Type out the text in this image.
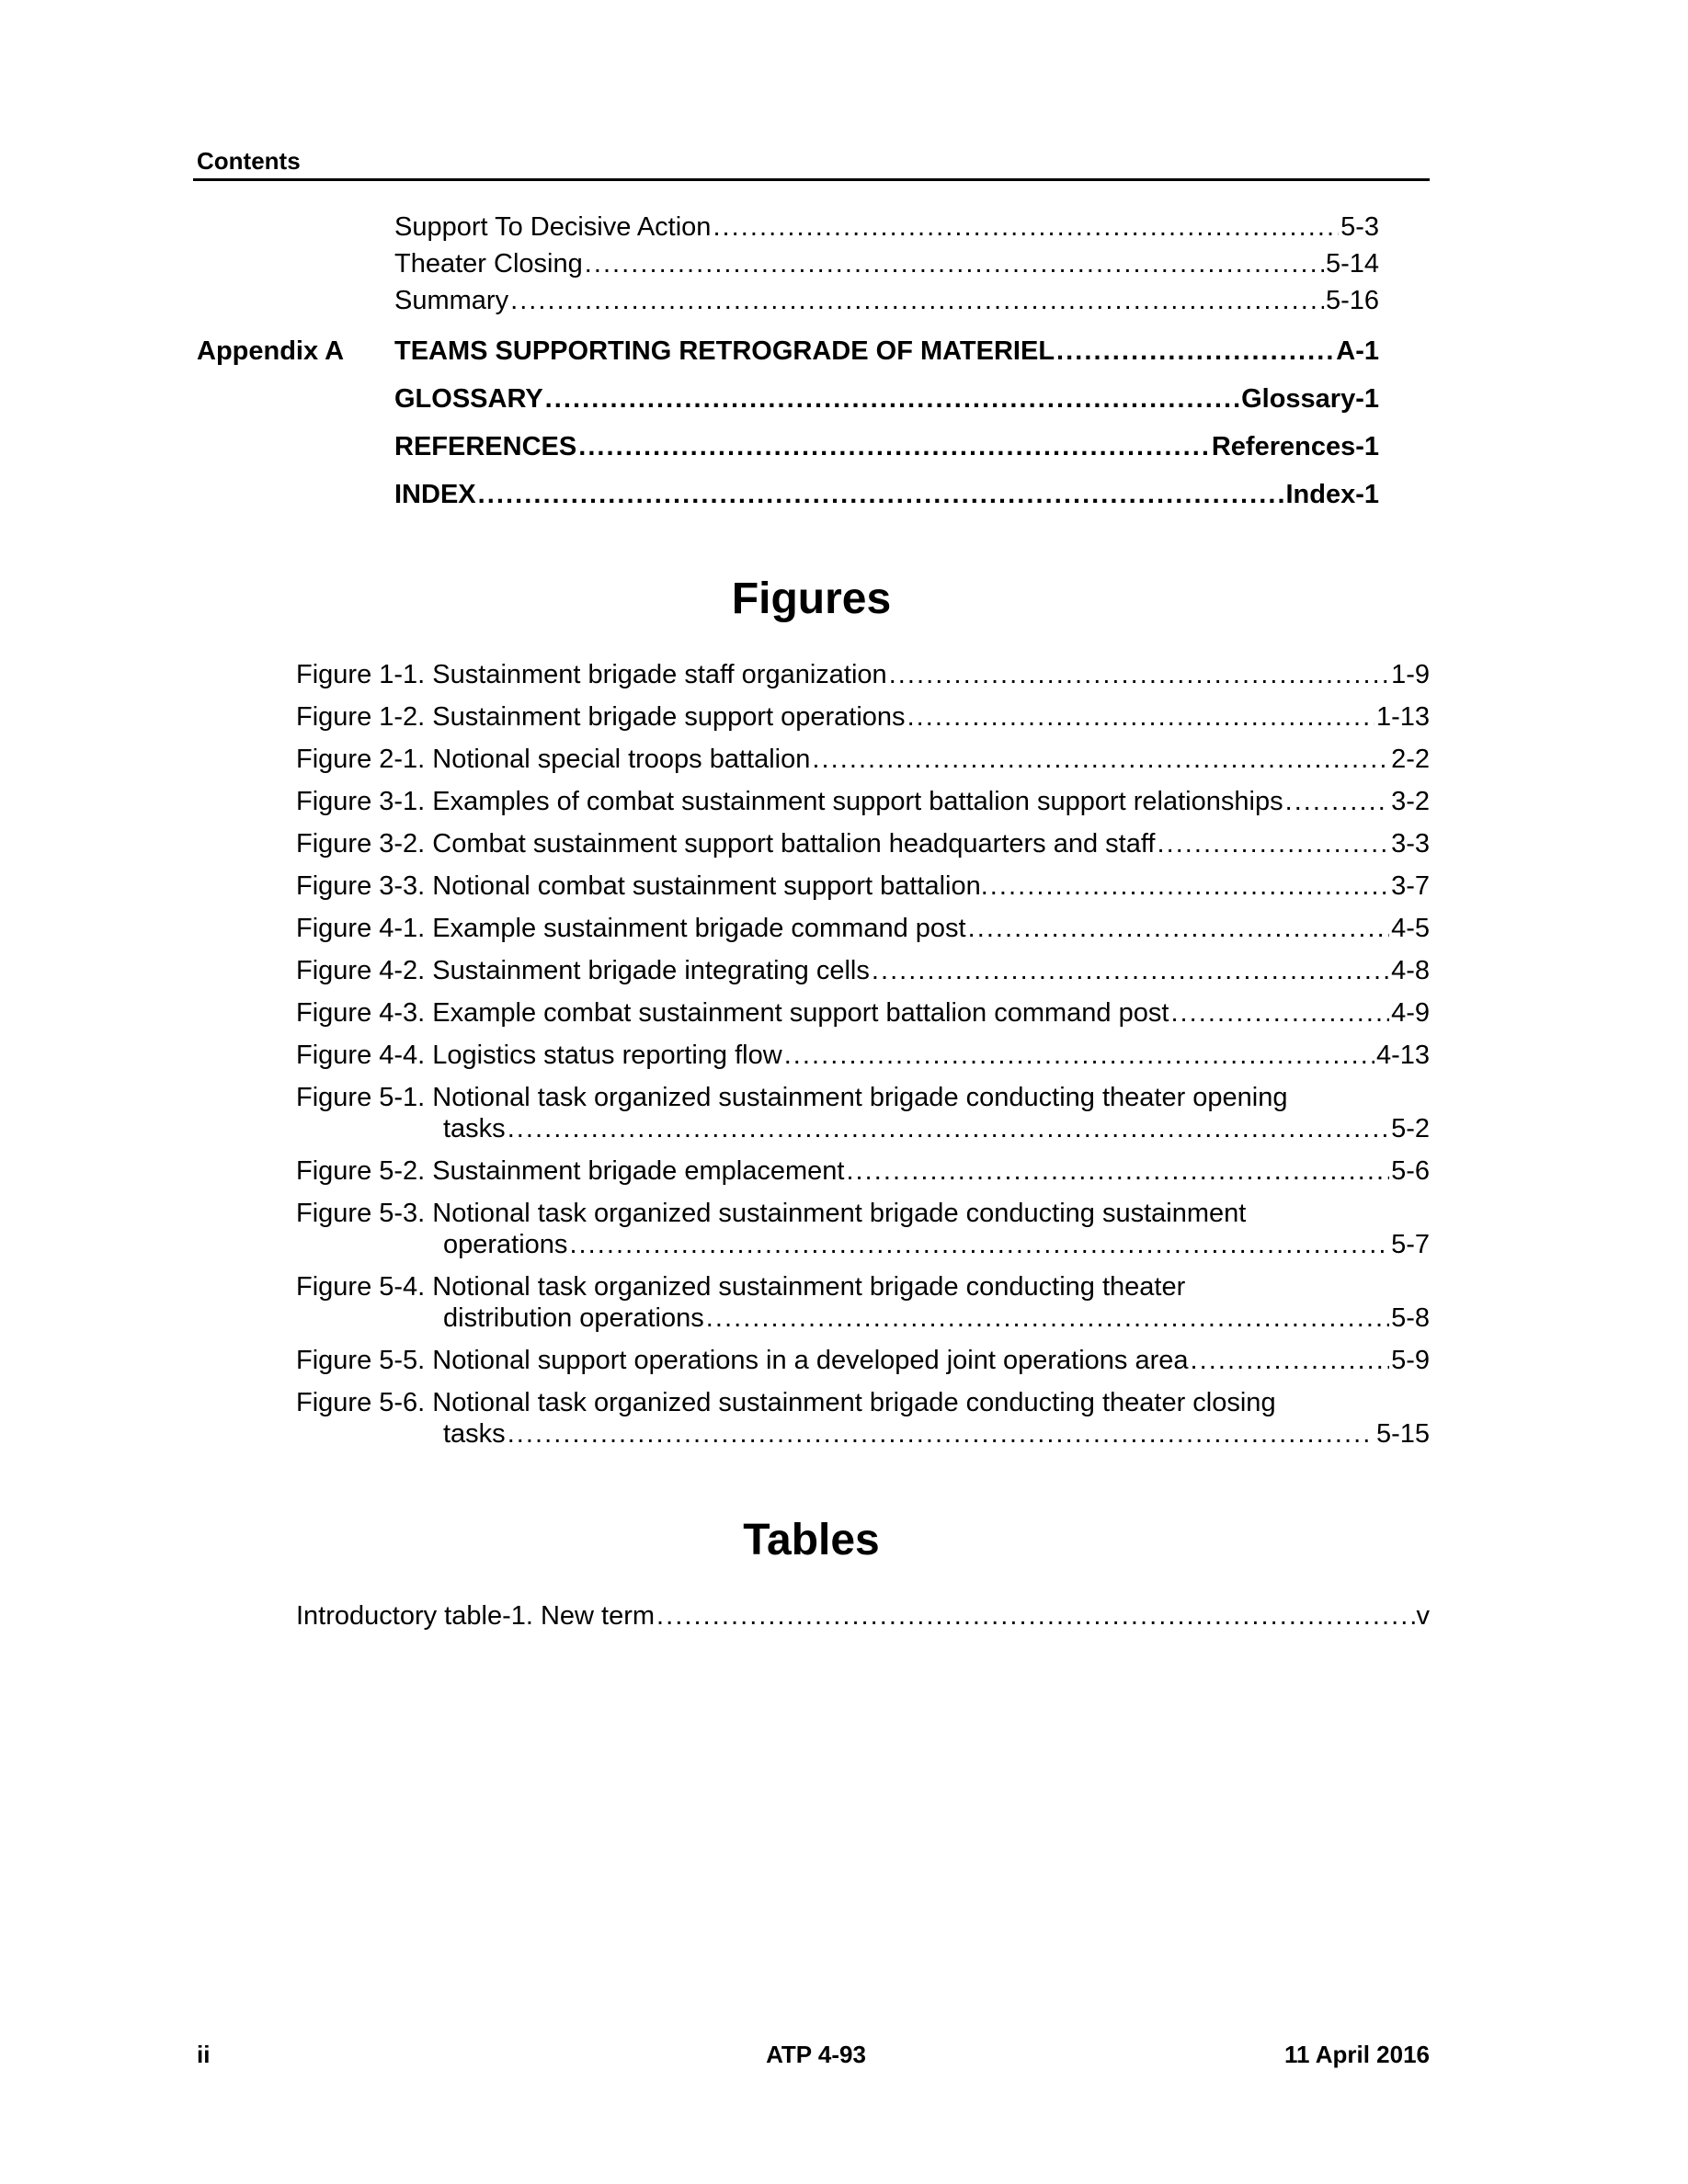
Contents
Support To Decisive Action . . .	5-3
Theater Closing . . .	5-14
Summary . . .	5-16
Appendix A TEAMS SUPPORTING RETROGRADE OF MATERIEL . . .	A-1
GLOSSARY . . .	Glossary-1
REFERENCES . . .	References-1
INDEX . . .	Index-1
Figures
Figure 1-1. Sustainment brigade staff organization . . .	1-9
Figure 1-2. Sustainment brigade support operations . . .	1-13
Figure 2-1. Notional special troops battalion . . .	2-2
Figure 3-1. Examples of combat sustainment support battalion support relationships . . .	3-2
Figure 3-2. Combat sustainment support battalion headquarters and staff . . .	3-3
Figure 3-3. Notional combat sustainment support battalion. . . .	3-7
Figure 4-1. Example sustainment brigade command post . . .	4-5
Figure 4-2. Sustainment brigade integrating cells . . .	4-8
Figure 4-3. Example combat sustainment support battalion command post . . .	4-9
Figure 4-4. Logistics status reporting flow . . .	4-13
Figure 5-1. Notional task organized sustainment brigade conducting theater opening
tasks . . .	5-2
Figure 5-2. Sustainment brigade emplacement . . .	5-6
Figure 5-3. Notional task organized sustainment brigade conducting sustainment
operations . . .	5-7
Figure 5-4. Notional task organized sustainment brigade conducting theater
distribution operations . . .	5-8
Figure 5-5. Notional support operations in a developed joint operations area . . .	5-9
Figure 5-6. Notional task organized sustainment brigade conducting theater closing
tasks . . .	5-15
Tables
Introductory table-1. New term . . .	v
ii	ATP 4-93	11 April 2016
